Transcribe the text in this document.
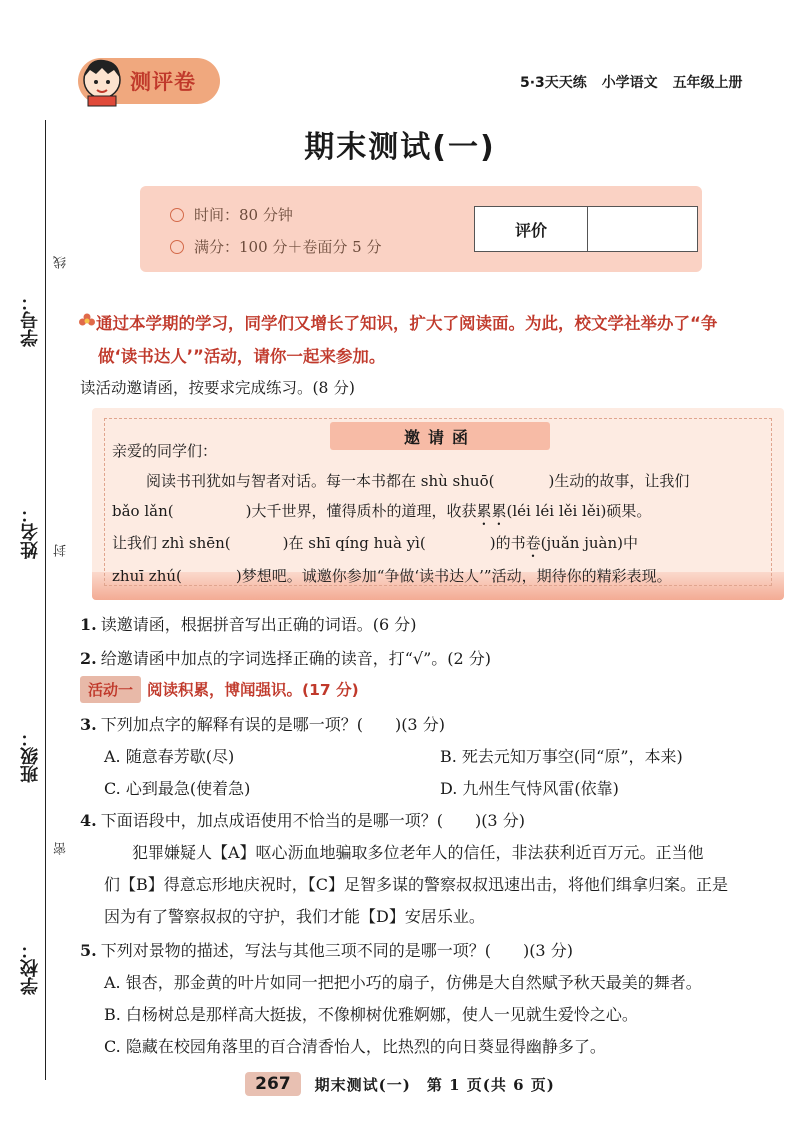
学号：
姓名：
班级：
学校：
线
封
密
测评卷	5·3天天练 小学语文 五年级上册
期末测试(一)
时间：80 分钟
满分：100 分＋卷面分 5 分
评价
通过本学期的学习，同学们又增长了知识，扩大了阅读面。为此，校文学社举办了“争
做‘读书达人’”活动，请你一起来参加。
读活动邀请函，按要求完成练习。(8 分)
邀请函
亲爱的同学们：
阅读书刊犹如与智者对话。每一本书都在 shù shuō(	)生动的故事，让我们
bǎo lǎn(	)大千世界，懂得质朴的道理，收获累累(léi léi lěi lěi)硕果。
让我们 zhì shēn(	)在 shī qíng huà yì(	)的书卷(juǎn juàn)中
zhuī zhú(	)梦想吧。诚邀你参加“争做‘读书达人’”活动，期待你的精彩表现。
1. 读邀请函，根据拼音写出正确的词语。(6 分)
2. 给邀请函中加点的字词选择正确的读音，打“√”。(2 分)
活动一 阅读积累，博闻强识。(17 分)
3. 下列加点字的解释有误的是哪一项？(　　)(3 分)
A. 随意春芳歇(尽)	B. 死去元知万事空(同“原”，本来)
C. 心到最急(使着急)	D. 九州生气恃风雷(依靠)
4. 下面语段中，加点成语使用不恰当的是哪一项？(　　)(3 分)
犯罪嫌疑人【A】呕心沥血地骗取多位老年人的信任，非法获利近百万元。正当他
们【B】得意忘形地庆祝时，【C】足智多谋的警察叔叔迅速出击，将他们缉拿归案。正是
因为有了警察叔叔的守护，我们才能【D】安居乐业。
5. 下列对景物的描述，写法与其他三项不同的是哪一项？(　　)(3 分)
A. 银杏，那金黄的叶片如同一把把小巧的扇子，仿佛是大自然赋予秋天最美的舞者。
B. 白杨树总是那样高大挺拔，不像柳树优雅婀娜，使人一见就生爱怜之心。
C. 隐藏在校园角落里的百合清香怡人，比热烈的向日葵显得幽静多了。
267	期末测试(一)　第 1 页(共 6 页)
